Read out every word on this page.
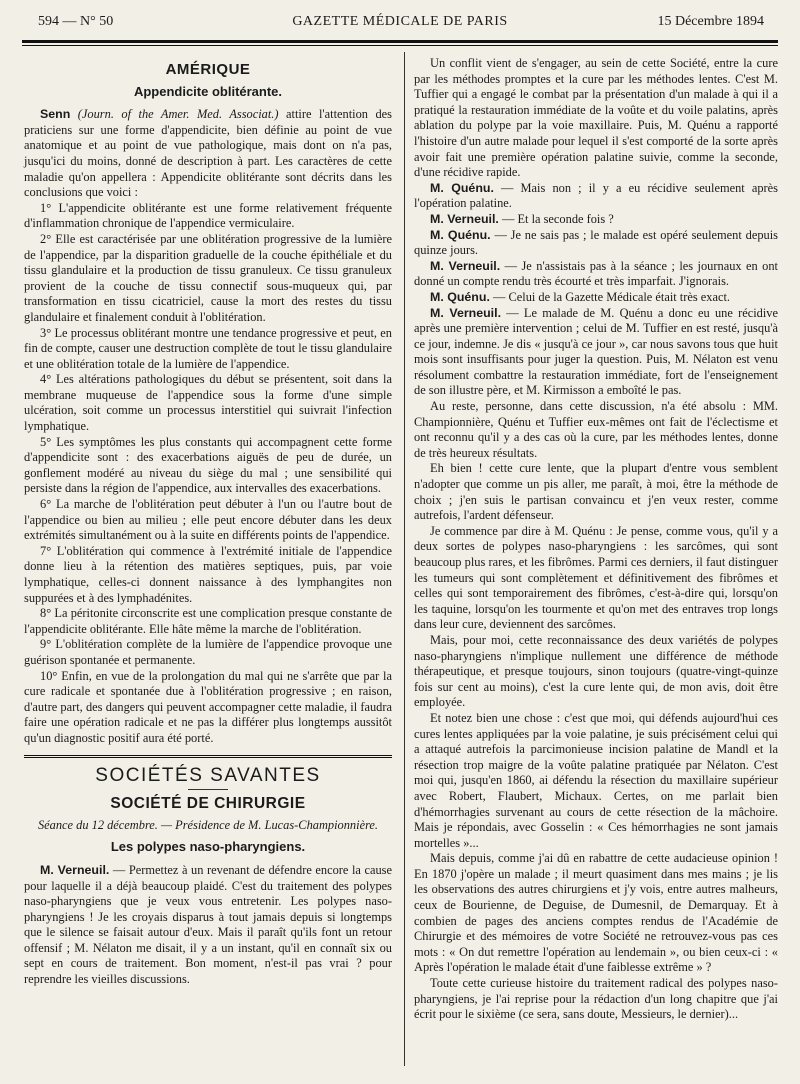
594 — N° 50	GAZETTE MÉDICALE DE PARIS	15 Décembre 1894
AMÉRIQUE
Appendicite oblitérante.

Senn (Journ. of the Amer. Med. Associat.) attire l'attention des praticiens sur une forme d'appendicite, bien définie au point de vue anatomique et au point de vue pathologique, mais dont on n'a pas, jusqu'ici du moins, donné de description à part. Les caractères de cette maladie qu'on appellera : Appendicite oblitérante sont décrits dans les conclusions que voici :

1° L'appendicite oblitérante est une forme relativement fréquente d'inflammation chronique de l'appendice vermiculaire.

2° Elle est caractérisée par une oblitération progressive de la lumière de l'appendice, par la disparition graduelle de la couche épithéliale et du tissu glandulaire et la production de tissu granuleux. Ce tissu granuleux provient de la couche de tissu connectif sous-muqueux qui, par transformation en tissu cicatriciel, cause la mort des restes du tissu glandulaire et finalement conduit à l'oblitération.

3° Le processus oblitérant montre une tendance progressive et peut, en fin de compte, causer une destruction complète de tout le tissu glandulaire et une oblitération totale de la lumière de l'appendice.

4° Les altérations pathologiques du début se présentent, soit dans la membrane muqueuse de l'appendice sous la forme d'une simple ulcération, soit comme un processus interstitiel qui suivrait l'infection lymphatique.

5° Les symptômes les plus constants qui accompagnent cette forme d'appendicite sont : des exacerbations aiguës de peu de durée, un gonflement modéré au niveau du siège du mal ; une sensibilité qui persiste dans la région de l'appendice, aux intervalles des exacerbations.

6° La marche de l'oblitération peut débuter à l'un ou l'autre bout de l'appendice ou bien au milieu ; elle peut encore débuter dans les deux extrémités simultanément ou à la suite en différents points de l'appendice.

7° L'oblitération qui commence à l'extrémité initiale de l'appendice donne lieu à la rétention des matières septiques, puis, par voie lymphatique, celles-ci donnent naissance à des lymphangites non suppurées et à des lymphadénites.

8° La péritonite circonscrite est une complication presque constante de l'appendicite oblitérante. Elle hâte même la marche de l'oblitération.

9° L'oblitération complète de la lumière de l'appendice provoque une guérison spontanée et permanente.

10° Enfin, en vue de la prolongation du mal qui ne s'arrête que par la cure radicale et spontanée due à l'oblitération progressive ; en raison, d'autre part, des dangers qui peuvent accompagner cette maladie, il faudra faire une opération radicale et ne pas la différer plus longtemps aussitôt qu'un diagnostic positif aura été porté.

SOCIÉTÉS SAVANTES
SOCIÉTÉ DE CHIRURGIE
Séance du 12 décembre. — Présidence de M. Lucas-Championnière.
Les polypes naso-pharyngiens.

M. Verneuil. — Permettez à un revenant de défendre encore la cause pour laquelle il a déjà beaucoup plaidé. C'est du traitement des polypes naso-pharyngiens que je veux vous entretenir. Les polypes naso-pharyngiens ! Je les croyais disparus à tout jamais depuis si longtemps que le silence se faisait autour d'eux. Mais il paraît qu'ils font un retour offensif ; M. Nélaton me disait, il y a un instant, qu'il en connaît six ou sept en cours de traitement. Bon moment, n'est-il pas vrai ? pour reprendre les vieilles discussions.

Un conflit vient de s'engager, au sein de cette Société, entre la cure par les méthodes promptes et la cure par les méthodes lentes. C'est M. Tuffier qui a engagé le combat par la présentation d'un malade à qui il a pratiqué la restauration immédiate de la voûte et du voile palatins, après ablation du polype par la voie maxillaire. Puis, M. Quénu a rapporté l'histoire d'un autre malade pour lequel il s'est comporté de la sorte après avoir fait une première opération palatine suivie, comme la seconde, d'une récidive rapide.

M. Quénu. — Mais non ; il y a eu récidive seulement après l'opération palatine.

M. Verneuil. — Et la seconde fois ?

M. Quénu. — Je ne sais pas ; le malade est opéré seulement depuis quinze jours.

M. Verneuil. — Je n'assistais pas à la séance ; les journaux en ont donné un compte rendu très écourté et très imparfait. J'ignorais.

M. Quénu. — Celui de la Gazette Médicale était très exact.

M. Verneuil. — Le malade de M. Quénu a donc eu une récidive après une première intervention ; celui de M. Tuffier en est resté, jusqu'à ce jour, indemne. Je dis « jusqu'à ce jour », car nous savons tous que huit mois sont insuffisants pour juger la question. Puis, M. Nélaton est venu résolument combattre la restauration immédiate, fort de l'enseignement de son illustre père, et M. Kirmisson a emboîté le pas.

Au reste, personne, dans cette discussion, n'a été absolu : MM. Championnière, Quénu et Tuffier eux-mêmes ont fait de l'éclectisme et ont reconnu qu'il y a des cas où la cure, par les méthodes lentes, donne de très heureux résultats.

Eh bien ! cette cure lente, que la plupart d'entre vous semblent n'adopter que comme un pis aller, me paraît, à moi, être la méthode de choix ; j'en suis le partisan convaincu et j'en veux rester, comme autrefois, l'ardent défenseur.

Je commence par dire à M. Quénu : Je pense, comme vous, qu'il y a deux sortes de polypes naso-pharyngiens : les sarcômes, qui sont beaucoup plus rares, et les fibrômes. Parmi ces derniers, il faut distinguer les tumeurs qui sont complètement et définitivement des fibrômes et celles qui sont temporairement des fibrômes, c'est-à-dire qui, lorsqu'on les taquine, lorsqu'on les tourmente et qu'on met des entraves trop longs dans leur cure, deviennent des sarcômes.

Mais, pour moi, cette reconnaissance des deux variétés de polypes naso-pharyngiens n'implique nullement une différence de méthode thérapeutique, et presque toujours, sinon toujours (quatre-vingt-quinze fois sur cent au moins), c'est la cure lente qui, de mon avis, doit être employée.

Et notez bien une chose : c'est que moi, qui défends aujourd'hui ces cures lentes appliquées par la voie palatine, je suis précisément celui qui a attaqué autrefois la parcimonieuse incision palatine de Mandl et la résection trop maigre de la voûte palatine pratiquée par Nélaton. C'est moi qui, jusqu'en 1860, ai défendu la résection du maxillaire supérieur avec Robert, Flaubert, Michaux. Certes, on me parlait bien d'hémorrhagies survenant au cours de cette résection de la mâchoire. Mais je répondais, avec Gosselin : « Ces hémorrhagies ne sont jamais mortelles »...

Mais depuis, comme j'ai dû en rabattre de cette audacieuse opinion ! En 1870 j'opère un malade ; il meurt quasiment dans mes mains ; je lis les observations des autres chirurgiens et j'y vois, entre autres malheurs, ceux de Bourienne, de Deguise, de Dumesnil, de Demarquay. Et à combien de pages des anciens comptes rendus de l'Académie de Chirurgie et des mémoires de votre Société ne retrouvez-vous pas ces mots : « On dut remettre l'opération au lendemain », ou bien ceux-ci : « Après l'opération le malade était d'une faiblesse extrême » ?

Toute cette curieuse histoire du traitement radical des polypes naso-pharyngiens, je l'ai reprise pour la rédaction d'un long chapitre que j'ai écrit pour le sixième (ce sera, sans doute, Messieurs, le dernier)...
